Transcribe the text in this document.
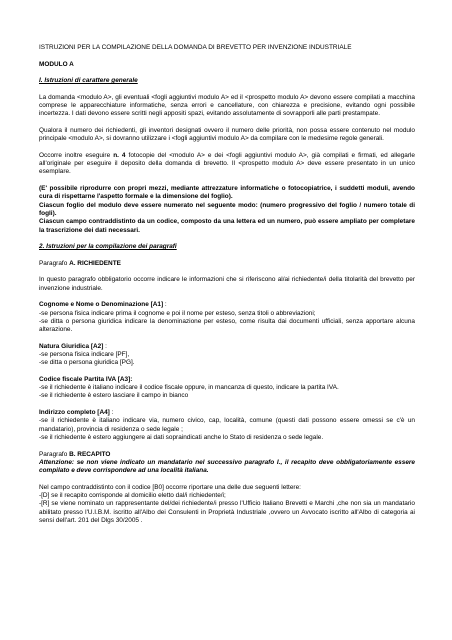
ISTRUZIONI PER LA COMPILAZIONE DELLA DOMANDA DI BREVETTO PER INVENZIONE INDUSTRIALE

MODULO A

I. Istruzioni di carattere generale

La domanda <modulo A>, gli eventuali <fogli aggiuntivi modulo A> ed il <prospetto modulo A> devono essere compilati a macchina comprese le apparecchiature informatiche, senza errori e cancellature, con chiarezza e precisione, evitando ogni possibile incertezza. I dati devono essere scritti negli appositi spazi, evitando assolutamente di sovrapporli alle parti prestampate.

Qualora il numero dei richiedenti, gli inventori designati ovvero il numero delle priorità, non possa essere contenuto nel modulo principale <modulo A>, si dovranno utilizzare i <fogli aggiuntivi modulo A> da compilare con le medesime regole generali.

Occorre inoltre eseguire n. 4 fotocopie del <modulo A> e dei <fogli aggiuntivi modulo A>, già compilati e firmati, ed allegarle all'originale per eseguire il deposito della domanda di brevetto. Il <prospetto modulo A> deve essere presentato in un unico esemplare.

(E' possibile riprodurre con propri mezzi, mediante attrezzature informatiche o fotocopiatrice, i suddetti moduli, avendo cura di rispettarne l'aspetto formale e la dimensione del foglio).

Ciascun foglio del modulo deve essere numerato nel seguente modo: (numero progressivo del foglio / numero totale di fogli).

Ciascun campo contraddistinto da un codice, composto da una lettera ed un numero, può essere ampliato per completare la trascrizione dei dati necessari.

2. Istruzioni per la compilazione dei paragrafi

Paragrafo A. RICHIEDENTE

In questo paragrafo obbligatorio occorre indicare le informazioni che si riferiscono al/ai richiedente/i della titolarità del brevetto per invenzione industriale.

Cognome e Nome o Denominazione [A1] :

-se persona fisica indicare prima il cognome e poi il nome per esteso, senza titoli o abbreviazioni;

-se ditta o persona giuridica indicare la denominazione per esteso, come risulta dai documenti ufficiali, senza apportare alcuna alterazione.

Natura Giuridica [A2] :

-se persona fisica indicare [PF],

-se ditta o persona giuridica [PG].

Codice fiscale Partita IVA [A3]:

-se il richiedente è italiano indicare il codice fiscale oppure, in mancanza di questo, indicare la partita IVA.

-se il richiedente è estero lasciare il campo in bianco

Indirizzo completo [A4] :

-se il richiedente è italiano indicare via, numero civico, cap, località, comune (questi dati possono essere omessi se c'è un mandatario), provincia di residenza o sede legale ;

-se il richiedente è estero aggiungere ai dati sopraindicati anche lo Stato di residenza o sede legale.

Paragrafo B. RECAPITO

Attenzione: se non viene indicato un mandatario nel successivo paragrafo I., il recapito deve obbligatoriamente essere compilato e deve corrispondere ad una località italiana.

Nel campo contraddistinto con il codice [B0] occorre riportare una delle due seguenti lettere:

-[D] se il recapito corrisponde al domicilio eletto dal/i richiedente/i;

-[R] se viene nominato un rappresentante del/dei richiedente/i presso l'Ufficio Italiano Brevetti e Marchi ,che non sia un mandatario abilitato presso l'U.I.B.M. iscritto all'Albo dei Consulenti in Proprietà Industriale ,ovvero un Avvocato iscritto all'Albo di categoria ai sensi dell'art. 201 del Dlgs 30/2005 .
